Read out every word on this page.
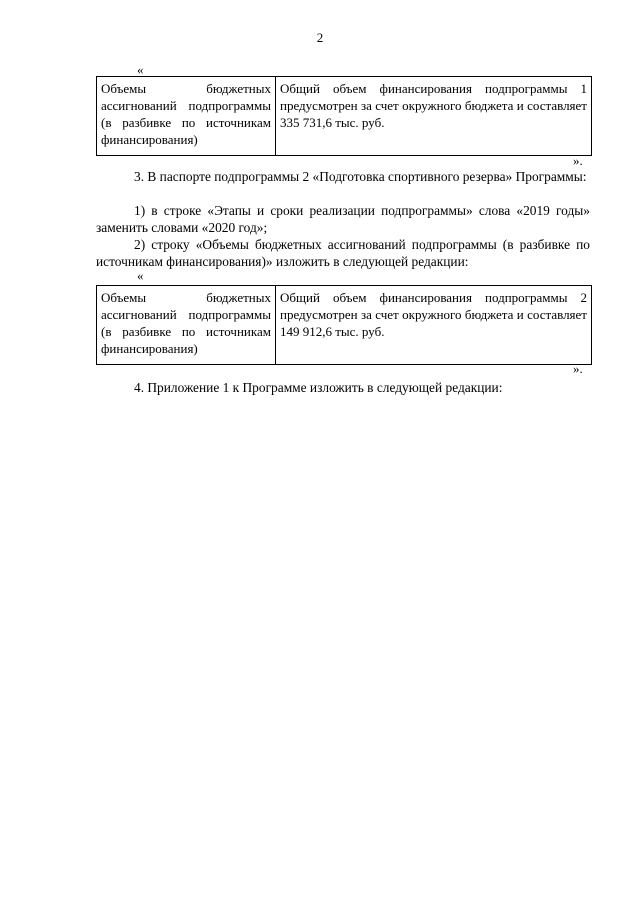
2
«
Объемы бюджетных ассигнований подпрограммы (в разбивке по источникам финансирования)	Общий объем финансирования подпрограммы 1 предусмотрен за счет окружного бюджета и составляет 335 731,6 тыс. руб.
».
3. В паспорте подпрограммы 2 «Подготовка спортивного резерва» Программы:
1) в строке «Этапы и сроки реализации подпрограммы» слова «2019 годы» заменить словами «2020 год»;
2) строку «Объемы бюджетных ассигнований подпрограммы (в разбивке по источникам финансирования)» изложить в следующей редакции:
«
Объемы бюджетных ассигнований подпрограммы (в разбивке по источникам финансирования)	Общий объем финансирования подпрограммы 2 предусмотрен за счет окружного бюджета и составляет 149 912,6 тыс. руб.
».
4. Приложение 1 к Программе изложить в следующей редакции:
